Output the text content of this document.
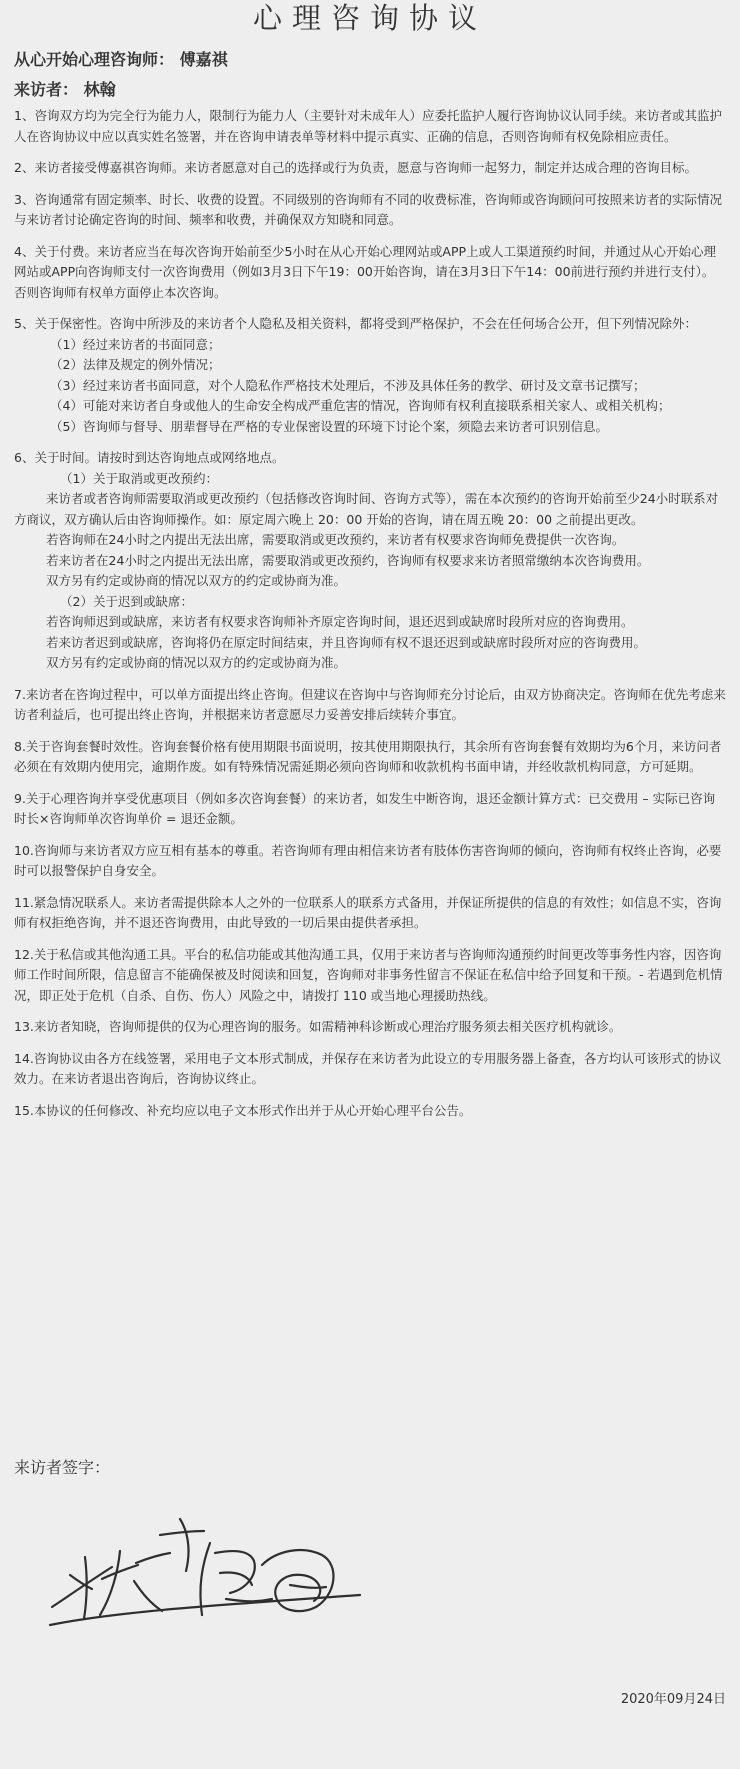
心理咨询协议
从心开始心理咨询师： 傅嘉祺
来访者： 林翰

1、咨询双方均为完全行为能力人，限制行为能力人（主要针对未成年人）应委托监护人履行咨询协议认同手续。来访者或其监护人在咨询协议中应以真实姓名签署，并在咨询申请表单等材料中提示真实、正确的信息，否则咨询师有权免除相应责任。

2、来访者接受傅嘉祺咨询师。来访者愿意对自己的选择或行为负责，愿意与咨询师一起努力，制定并达成合理的咨询目标。

3、咨询通常有固定频率、时长、收费的设置。不同级别的咨询师有不同的收费标准，咨询师或咨询顾问可按照来访者的实际情况与来访者讨论确定咨询的时间、频率和收费，并确保双方知晓和同意。

4、关于付费。来访者应当在每次咨询开始前至少5小时在从心开始心理网站或APP上或人工渠道预约时间，并通过从心开始心理网站或APP向咨询师支付一次咨询费用（例如3月3日下午19：00开始咨询，请在3月3日下午14：00前进行预约并进行支付）。否则咨询师有权单方面停止本次咨询。

5、关于保密性。咨询中所涉及的来访者个人隐私及相关资料，都将受到严格保护，不会在任何场合公开，但下列情况除外：

（1）经过来访者的书面同意；

（2）法律及规定的例外情况；

（3）经过来访者书面同意，对个人隐私作严格技术处理后，不涉及具体任务的教学、研讨及文章书记撰写；

（4）可能对来访者自身或他人的生命安全构成严重危害的情况，咨询师有权利直接联系相关家人、或相关机构；

（5）咨询师与督导、朋辈督导在严格的专业保密设置的环境下讨论个案，须隐去来访者可识别信息。

6、关于时间。请按时到达咨询地点或网络地点。

（1）关于取消或更改预约：

来访者或者咨询师需要取消或更改预约（包括修改咨询时间、咨询方式等），需在本次预约的咨询开始前至少24小时联系对方商议，双方确认后由咨询师操作。如：原定周六晚上 20：00 开始的咨询，请在周五晚 20：00 之前提出更改。

若咨询师在24小时之内提出无法出席，需要取消或更改预约，来访者有权要求咨询师免费提供一次咨询。

若来访者在24小时之内提出无法出席，需要取消或更改预约，咨询师有权要求来访者照常缴纳本次咨询费用。

双方另有约定或协商的情况以双方的约定或协商为准。

（2）关于迟到或缺席：

若咨询师迟到或缺席，来访者有权要求咨询师补齐原定咨询时间，退还迟到或缺席时段所对应的咨询费用。

若来访者迟到或缺席，咨询将仍在原定时间结束，并且咨询师有权不退还迟到或缺席时段所对应的咨询费用。

双方另有约定或协商的情况以双方的约定或协商为准。

7.来访者在咨询过程中，可以单方面提出终止咨询。但建议在咨询中与咨询师充分讨论后，由双方协商决定。咨询师在优先考虑来访者利益后，也可提出终止咨询，并根据来访者意愿尽力妥善安排后续转介事宜。

8.关于咨询套餐时效性。咨询套餐价格有使用期限书面说明，按其使用期限执行，其余所有咨询套餐有效期均为6个月，来访问者必须在有效期内使用完，逾期作废。如有特殊情况需延期必须向咨询师和收款机构书面申请，并经收款机构同意，方可延期。

9.关于心理咨询并享受优惠项目（例如多次咨询套餐）的来访者，如发生中断咨询，退还金额计算方式：已交费用 – 实际已咨询时长×咨询师单次咨询单价 = 退还金额。

10.咨询师与来访者双方应互相有基本的尊重。若咨询师有理由相信来访者有肢体伤害咨询师的倾向，咨询师有权终止咨询，必要时可以报警保护自身安全。

11.紧急情况联系人。来访者需提供除本人之外的一位联系人的联系方式备用，并保证所提供的信息的有效性；如信息不实，咨询师有权拒绝咨询，并不退还咨询费用，由此导致的一切后果由提供者承担。

12.关于私信或其他沟通工具。平台的私信功能或其他沟通工具，仅用于来访者与咨询师沟通预约时间更改等事务性内容，因咨询师工作时间所限，信息留言不能确保被及时阅读和回复，咨询师对非事务性留言不保证在私信中给予回复和干预。- 若遇到危机情况，即正处于危机（自杀、自伤、伤人）风险之中，请拨打 110 或当地心理援助热线。

13.来访者知晓，咨询师提供的仅为心理咨询的服务。如需精神科诊断或心理治疗服务须去相关医疗机构就诊。

14.咨询协议由各方在线签署，采用电子文本形式制成，并保存在来访者为此设立的专用服务器上备查，各方均认可该形式的协议效力。在来访者退出咨询后，咨询协议终止。

15.本协议的任何修改、补充均应以电子文本形式作出并于从心开始心理平台公告。

来访者签字：
2020年09月24日
